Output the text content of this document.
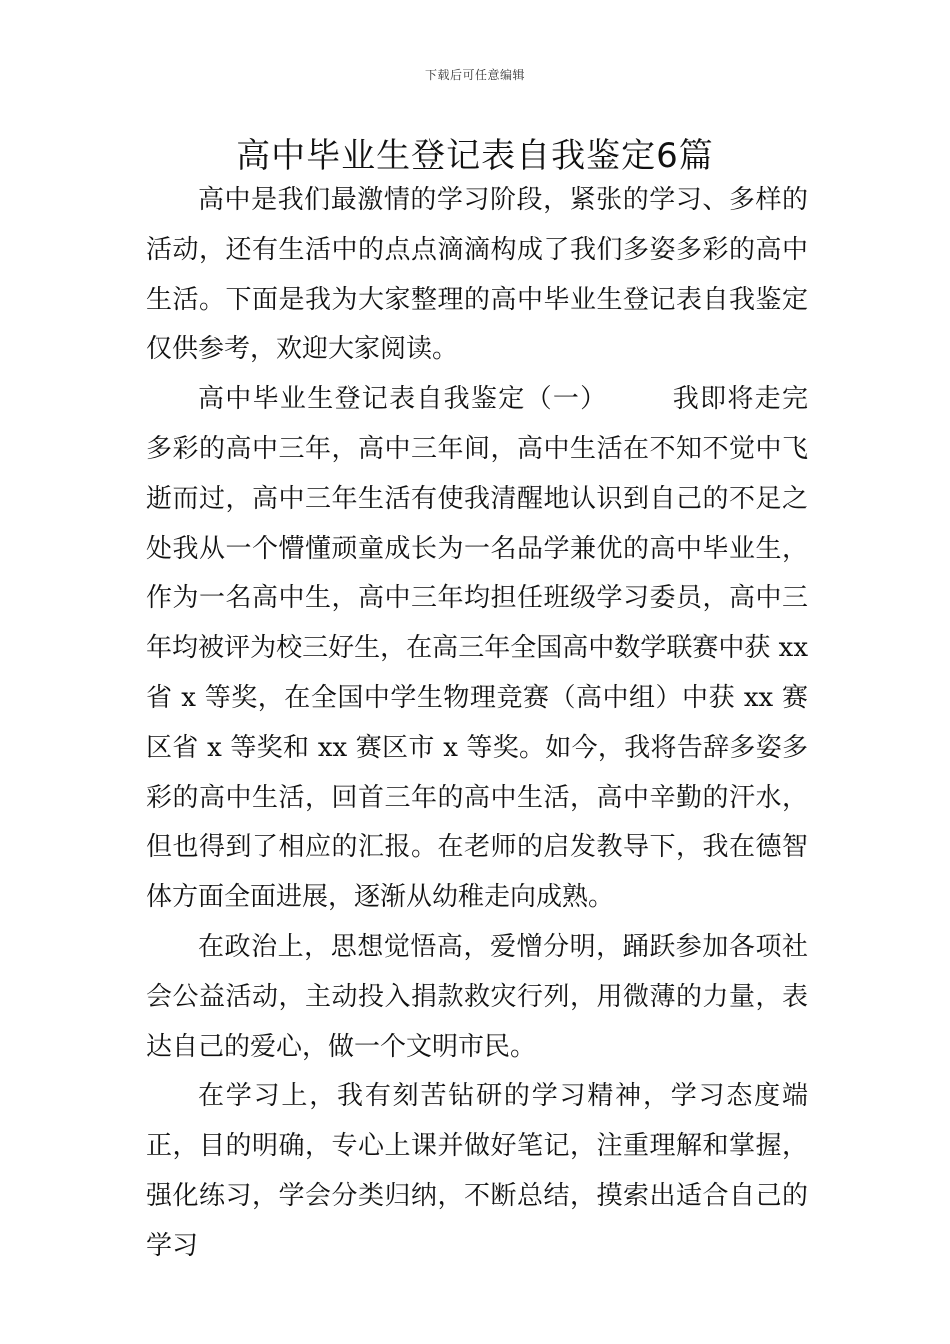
下载后可任意编辑
高中毕业生登记表自我鉴定6篇

高中是我们最激情的学习阶段，紧张的学习、多样的活动，还有生活中的点点滴滴构成了我们多姿多彩的高中生活。下面是我为大家整理的高中毕业生登记表自我鉴定仅供参考，欢迎大家阅读。

高中毕业生登记表自我鉴定（一） 我即将走完多彩的高中三年，高中三年间，高中生活在不知不觉中飞逝而过，高中三年生活有使我清醒地认识到自己的不足之处我从一个懵懂顽童成长为一名品学兼优的高中毕业生，作为一名高中生，高中三年均担任班级学习委员，高中三年均被评为校三好生，在高三年全国高中数学联赛中获 xx 省 x 等奖，在全国中学生物理竞赛（高中组）中获 xx 赛区省 x 等奖和 xx 赛区市 x 等奖。如今，我将告辞多姿多彩的高中生活，回首三年的高中生活，高中辛勤的汗水，但也得到了相应的汇报。在老师的启发教导下，我在德智体方面全面进展，逐渐从幼稚走向成熟。

在政治上，思想觉悟高，爱憎分明，踊跃参加各项社会公益活动，主动投入捐款救灾行列，用微薄的力量，表达自己的爱心，做一个文明市民。

在学习上，我有刻苦钻研的学习精神，学习态度端正，目的明确，专心上课并做好笔记，注重理解和掌握，强化练习，学会分类归纳，不断总结，摸索出适合自己的学习
